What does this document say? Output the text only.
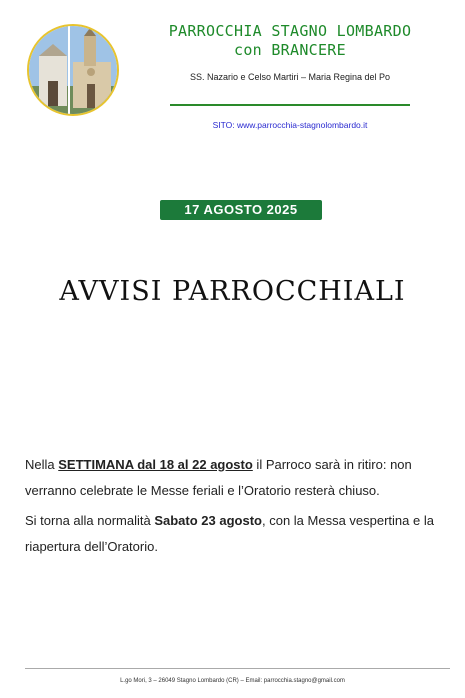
PARROCCHIA STAGNO LOMBARDO
con BRANCERE
SS. Nazario e Celso Martiri – Maria Regina del Po
SITO: www.parrocchia-stagnolombardo.it
17 AGOSTO 2025
AVVISI PARROCCHIALI

Nella SETTIMANA dal 18 al 22 agosto il Parroco sarà in ritiro: non verranno celebrate le Messe feriali e l’Oratorio resterà chiuso.

Si torna alla normalità Sabato 23 agosto, con la Messa vespertina e la riapertura dell’Oratorio.

L.go Mori, 3 – 26049 Stagno Lombardo (CR) – Email: parrocchia.stagno@gmail.com
